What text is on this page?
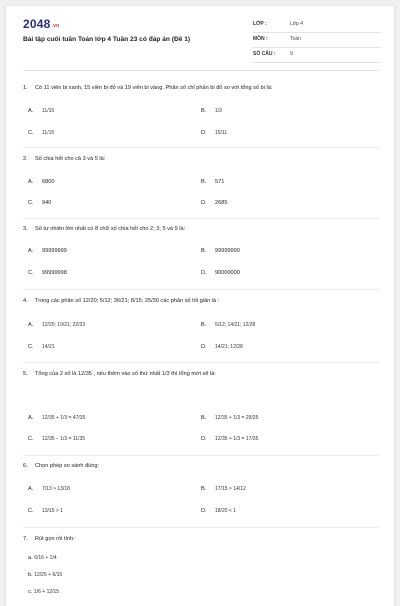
$2048_{.vn}$
Bài tập cuối tuần Toán lớp 4 Tuần 23 có đáp án (Đề 1)
LỚP :	Lớp 4
MÔN :	Toán
SỐ CÂU :	9
1. Có 11 viên bi xanh, 15 viên bi đỏ và 19 viên bi vàng. Phân số chỉ phần bi đỏ so với tổng số bi là:
A. 11/15	B. 1/3
C. 11/15	D. 15/11
2. Số chia hết cho cả 3 và 5 là:
A. 6800	B. 571
C. 940	D. 2685
3. Số tự nhiên lớn nhất có 8 chữ số chia hết cho 2; 3; 5 và 9 là:
A. 99999999	B. 99999990
C. 99999998	D. 90000000
4. Trong các phân số 12/20; 5/12; 36/21; 8/15; 25/30 các phân số tối giản là :
A. 12/20; 10/21; 22/33	B. 5/12; 14/21; 12/28
C. 14/21	D. 14/21; 12/28
5. Tổng của 2 số là 12/35 , nếu thêm vào số thứ nhất 1/3 thì tổng mới sẽ là:
A. 12/35 + 1/3 = 47/35	B. 12/35 + 1/3 = 29/35
C. 12/35 − 1/3 = 11/35	D. 12/35 + 1/3 = 17/35
6. Chọn phép so sánh đúng:
A. 7/13 > 13/18	B. 17/15 > 14/12
C. 13/15 > 1	D. 18/20 < 1
7. Rút gọn rồi tính:
a. 6/16 + 1/4
b. 12/25 + 6/15
c. 1/6 + 12/15
